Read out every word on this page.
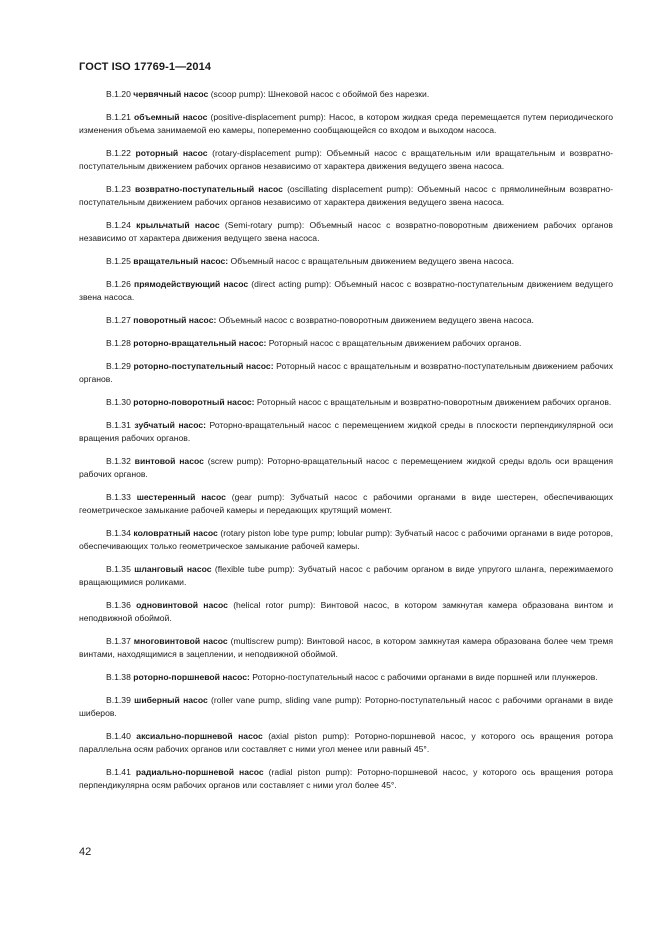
ГОСТ ISO 17769-1—2014

В.1.20 червячный насос (scoop pump): Шнековой насос с обоймой без нарезки.

В.1.21 объемный насос (positive-displacement pump): Насос, в котором жидкая среда перемещается путем периодического изменения объема занимаемой ею камеры, попеременно сообщающейся со входом и выходом насоса.

В.1.22 роторный насос (rotary-displacement pump): Объемный насос с вращательным или вращательным и возвратно-поступательным движением рабочих органов независимо от характера движения ведущего звена насоса.

В.1.23 возвратно-поступательный насос (oscillating displacement pump): Объемный насос с прямолинейным возвратно-поступательным движением рабочих органов независимо от характера движения ведущего звена насоса.

В.1.24 крыльчатый насос (Semi-rotary pump): Объемный насос с возвратно-поворотным движением рабочих органов независимо от характера движения ведущего звена насоса.

В.1.25 вращательный насос: Объемный насос с вращательным движением ведущего звена насоса.

В.1.26 прямодействующий насос (direct acting pump): Объемный насос с возвратно-поступательным движением ведущего звена насоса.

В.1.27 поворотный насос: Объемный насос с возвратно-поворотным движением ведущего звена насоса.

В.1.28 роторно-вращательный насос: Роторный насос с вращательным движением рабочих органов.

В.1.29 роторно-поступательный насос: Роторный насос с вращательным и возвратно-поступательным движением рабочих органов.

В.1.30 роторно-поворотный насос: Роторный насос с вращательным и возвратно-поворотным движением рабочих органов.

В.1.31 зубчатый насос: Роторно-вращательный насос с перемещением жидкой среды в плоскости перпендикулярной оси вращения рабочих органов.

В.1.32 винтовой насос (screw pump): Роторно-вращательный насос с перемещением жидкой среды вдоль оси вращения рабочих органов.

В.1.33 шестеренный насос (gear pump): Зубчатый насос с рабочими органами в виде шестерен, обеспечивающих геометрическое замыкание рабочей камеры и передающих крутящий момент.

В.1.34 коловратный насос (rotary piston lobe type pump; lobular pump): Зубчатый насос с рабочими органами в виде роторов, обеспечивающих только геометрическое замыкание рабочей камеры.

В.1.35 шланговый насос (flexible tube pump): Зубчатый насос с рабочим органом в виде упругого шланга, пережимаемого вращающимися роликами.

В.1.36 одновинтовой насос (helical rotor pump): Винтовой насос, в котором замкнутая камера образована винтом и неподвижной обоймой.

В.1.37 многовинтовой насос (multiscrew pump): Винтовой насос, в котором замкнутая камера образована более чем тремя винтами, находящимися в зацеплении, и неподвижной обоймой.

В.1.38 роторно-поршневой насос: Роторно-поступательный насос с рабочими органами в виде поршней или плунжеров.

В.1.39 шиберный насос (roller vane pump, sliding vane pump): Роторно-поступательный насос с рабочими органами в виде шиберов.

В.1.40 аксиально-поршневой насос (axial piston pump): Роторно-поршневой насос, у которого ось вращения ротора параллельна осям рабочих органов или составляет с ними угол менее или равный 45°.

В.1.41 радиально-поршневой насос (radial piston pump): Роторно-поршневой насос, у которого ось вращения ротора перпендикулярна осям рабочих органов или составляет с ними угол более 45°.

42
